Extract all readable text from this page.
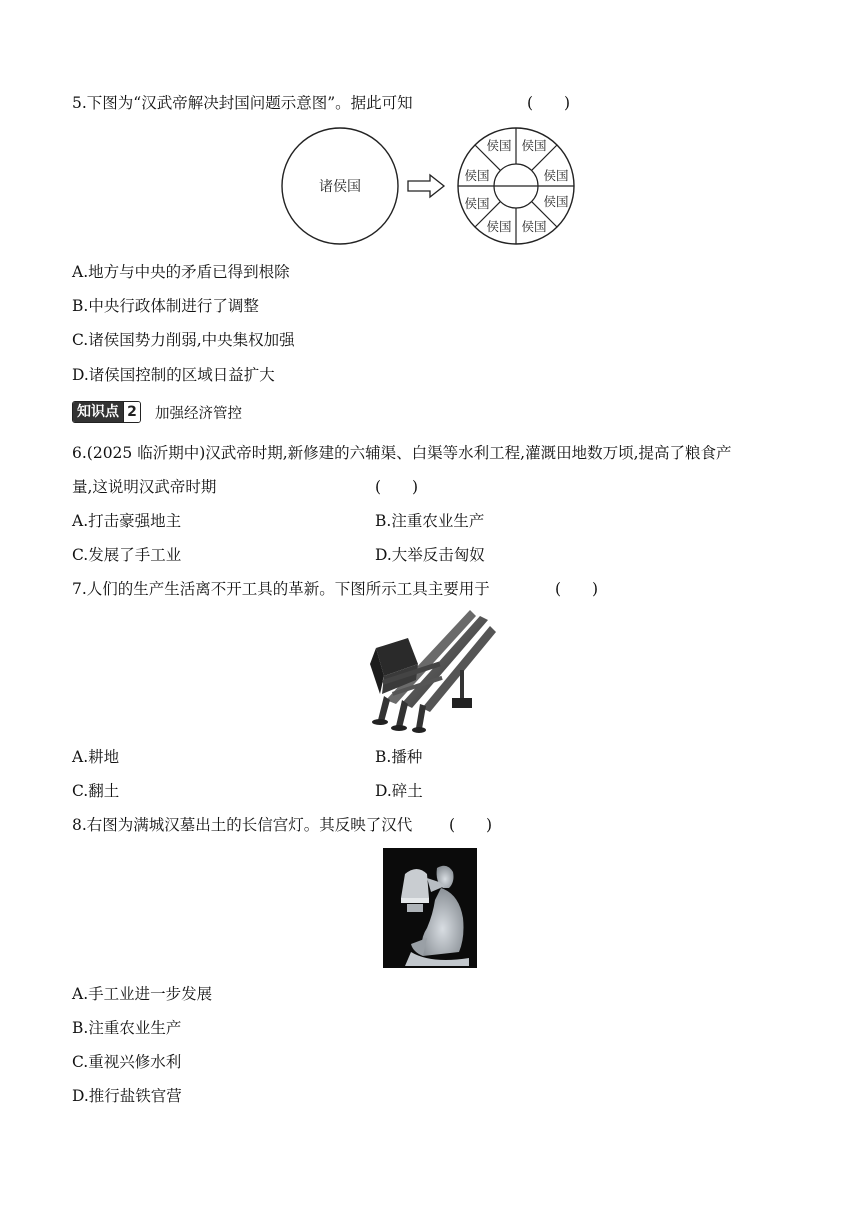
5.下图为“汉武帝解决封国问题示意图”。据此可知	(　　)
诸侯国
侯国 侯国
侯国	侯国
侯国	侯国
侯国 侯国
A.地方与中央的矛盾已得到根除
B.中央行政体制进行了调整
C.诸侯国势力削弱,中央集权加强
D.诸侯国控制的区域日益扩大
知识点 2 加强经济管控
6.(2025 临沂期中)汉武帝时期,新修建的六辅渠、白渠等水利工程,灌溉田地数万顷,提高了粮食产
量,这说明汉武帝时期	(　　)
A.打击豪强地主	B.注重农业生产
C.发展了手工业	D.大举反击匈奴
7.人们的生产生活离不开工具的革新。下图所示工具主要用于	(　　)
A.耕地	B.播种
C.翻土	D.碎土
8.右图为满城汉墓出土的长信宫灯。其反映了汉代 (　　)
A.手工业进一步发展
B.注重农业生产
C.重视兴修水利
D.推行盐铁官营
